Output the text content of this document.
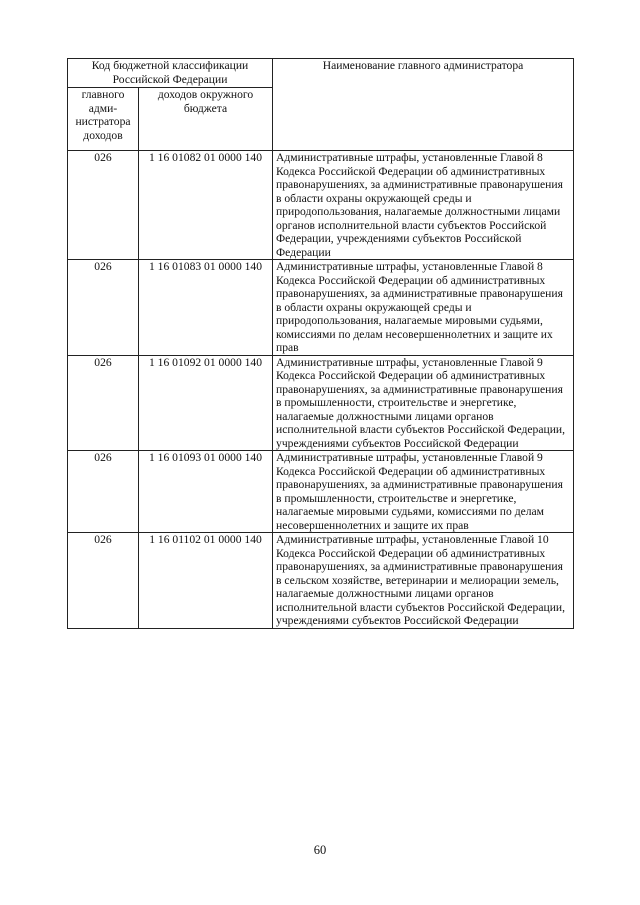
Код бюджетной классификации Российской Федерации		Наименование главного администратора
главного адми-нистратора доходов	доходов окружного бюджета	
026	1 16 01082 01 0000 140	Административные штрафы, установленные Главой 8 Кодекса Российской Федерации об административных правонарушениях, за административные правонарушения в области охраны окружающей среды и природопользования, налагаемые должностными лицами органов исполнительной власти субъектов Российской Федерации, учреждениями субъектов Российской Федерации
026	1 16 01083 01 0000 140	Административные штрафы, установленные Главой 8 Кодекса Российской Федерации об административных правонарушениях, за административные правонарушения в области охраны окружающей среды и природопользования, налагаемые мировыми судьями, комиссиями по делам несовершеннолетних и защите их прав
026	1 16 01092 01 0000 140	Административные штрафы, установленные Главой 9 Кодекса Российской Федерации об административных правонарушениях, за административные правонарушения в промышленности, строительстве и энергетике, налагаемые должностными лицами органов исполнительной власти субъектов Российской Федерации, учреждениями субъектов Российской Федерации
026	1 16 01093 01 0000 140	Административные штрафы, установленные Главой 9 Кодекса Российской Федерации об административных правонарушениях, за административные правонарушения в промышленности, строительстве и энергетике, налагаемые мировыми судьями, комиссиями по делам несовершеннолетних и защите их прав
026	1 16 01102 01 0000 140	Административные штрафы, установленные Главой 10 Кодекса Российской Федерации об административных правонарушениях, за административные правонарушения в сельском хозяйстве, ветеринарии и мелиорации земель, налагаемые должностными лицами органов исполнительной власти субъектов Российской Федерации, учреждениями субъектов Российской Федерации
60
